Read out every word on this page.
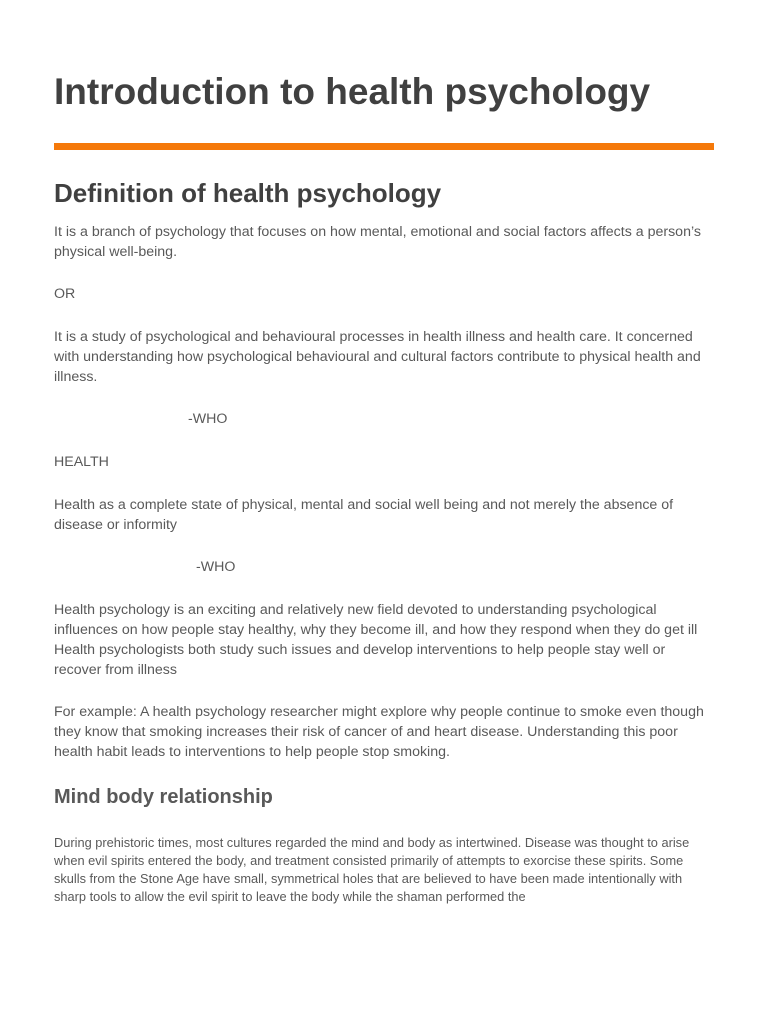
Introduction to health psychology
Definition of health psychology

It is a branch of psychology that focuses on how mental, emotional and social factors affects a person’s physical well-being.

OR

It is a study of psychological and behavioural processes in health illness and health care. It concerned with understanding how psychological behavioural and cultural factors contribute to physical health and illness.

-WHO

HEALTH

Health as a complete state of physical, mental and social well being and not merely the absence of disease or informity

-WHO

Health psychology is an exciting and relatively new field devoted to understanding psychological influences on how people stay healthy, why they become ill, and how they respond when they do get ill Health psychologists both study such issues and develop interventions to help people stay well or recover from illness

For example: A health psychology researcher might explore why people continue to smoke even though they know that smoking increases their risk of cancer of and heart disease. Understanding this poor health habit leads to interventions to help people stop smoking.

Mind body relationship

During prehistoric times, most cultures regarded the mind and body as intertwined. Disease was thought to arise when evil spirits entered the body, and treatment consisted primarily of attempts to exorcise these spirits. Some skulls from the Stone Age have small, symmetrical holes that are believed to have been made intentionally with sharp tools to allow the evil spirit to leave the body while the shaman performed the
